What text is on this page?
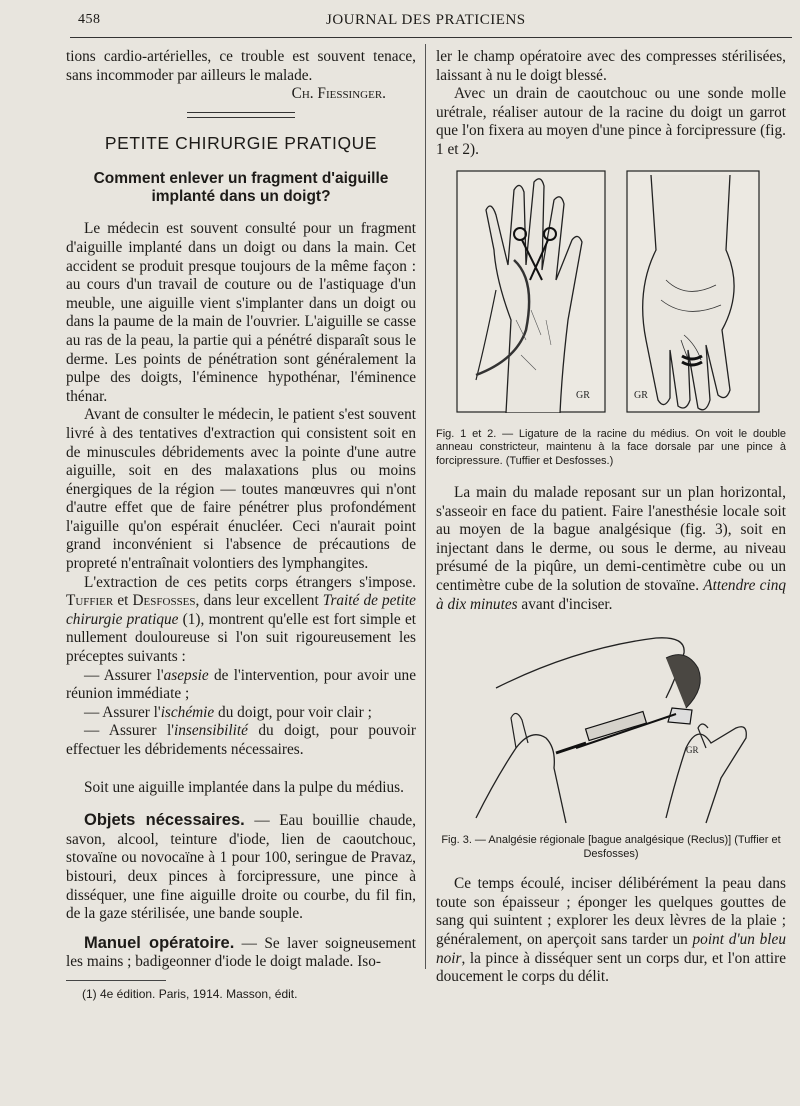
458	JOURNAL DES PRATICIENS

tions cardio-artérielles, ce trouble est souvent tenace, sans incommoder par ailleurs le malade.

Ch. Fiessinger.

PETITE CHIRURGIE PRATIQUE
Comment enlever un fragment d'aiguille implanté dans un doigt?

Le médecin est souvent consulté pour un fragment d'aiguille implanté dans un doigt ou dans la main. Cet accident se produit presque toujours de la même façon : au cours d'un travail de couture ou de l'astiquage d'un meuble, une aiguille vient s'implanter dans un doigt ou dans la paume de la main de l'ouvrier. L'aiguille se casse au ras de la peau, la partie qui a pénétré disparaît sous le derme. Les points de pénétration sont généralement la pulpe des doigts, l'éminence hypothénar, l'éminence thénar.

Avant de consulter le médecin, le patient s'est souvent livré à des tentatives d'extraction qui consistent soit en de minuscules débridements avec la pointe d'une autre aiguille, soit en des malaxations plus ou moins énergiques de la région — toutes manœuvres qui n'ont d'autre effet que de faire pénétrer plus profondément l'aiguille qu'on espérait énucléer. Ceci n'aurait point grand inconvénient si l'absence de précautions de propreté n'entraînait volontiers des lymphangites.

L'extraction de ces petits corps étrangers s'impose. Tuffier et Desfosses, dans leur excellent Traité de petite chirurgie pratique (1), montrent qu'elle est fort simple et nullement douloureuse si l'on suit rigoureusement les préceptes suivants :

— Assurer l'asepsie de l'intervention, pour avoir une réunion immédiate ;

— Assurer l'ischémie du doigt, pour voir clair ;

— Assurer l'insensibilité du doigt, pour pouvoir effectuer les débridements nécessaires.

Soit une aiguille implantée dans la pulpe du médius.

Objets nécessaires. — Eau bouillie chaude, savon, alcool, teinture d'iode, lien de caoutchouc, stovaïne ou novocaïne à 1 pour 100, seringue de Pravaz, bistouri, deux pinces à forcipressure, une pince à disséquer, une fine aiguille droite ou courbe, du fil fin, de la gaze stérilisée, une bande souple.

Manuel opératoire. — Se laver soigneusement les mains ; badigeonner d'iode le doigt malade. Iso-

(1) 4e édition. Paris, 1914. Masson, édit.

ler le champ opératoire avec des compresses stérilisées, laissant à nu le doigt blessé.

Avec un drain de caoutchouc ou une sonde molle urétrale, réaliser autour de la racine du doigt un garrot que l'on fixera au moyen d'une pince à forcipressure (fig. 1 et 2).

GR	GR
Fig. 1 et 2. — Ligature de la racine du médius. On voit le double anneau constricteur, maintenu à la face dorsale par une pince à forcipressure. (Tuffier et Desfosses.)

La main du malade reposant sur un plan horizontal, s'asseoir en face du patient. Faire l'anesthésie locale soit au moyen de la bague analgésique (fig. 3), soit en injectant dans le derme, ou sous le derme, au niveau présumé de la piqûre, un demi-centimètre cube ou un centimètre cube de la solution de stovaïne. Attendre cinq à dix minutes avant d'inciser.

GR
Fig. 3. — Analgésie régionale [bague analgésique (Reclus)] (Tuffier et Desfosses)

Ce temps écoulé, inciser délibérément la peau dans toute son épaisseur ; éponger les quelques gouttes de sang qui suintent ; explorer les deux lèvres de la plaie ; généralement, on aperçoit sans tarder un point d'un bleu noir, la pince à disséquer sent un corps dur, et l'on attire doucement le corps du délit.
